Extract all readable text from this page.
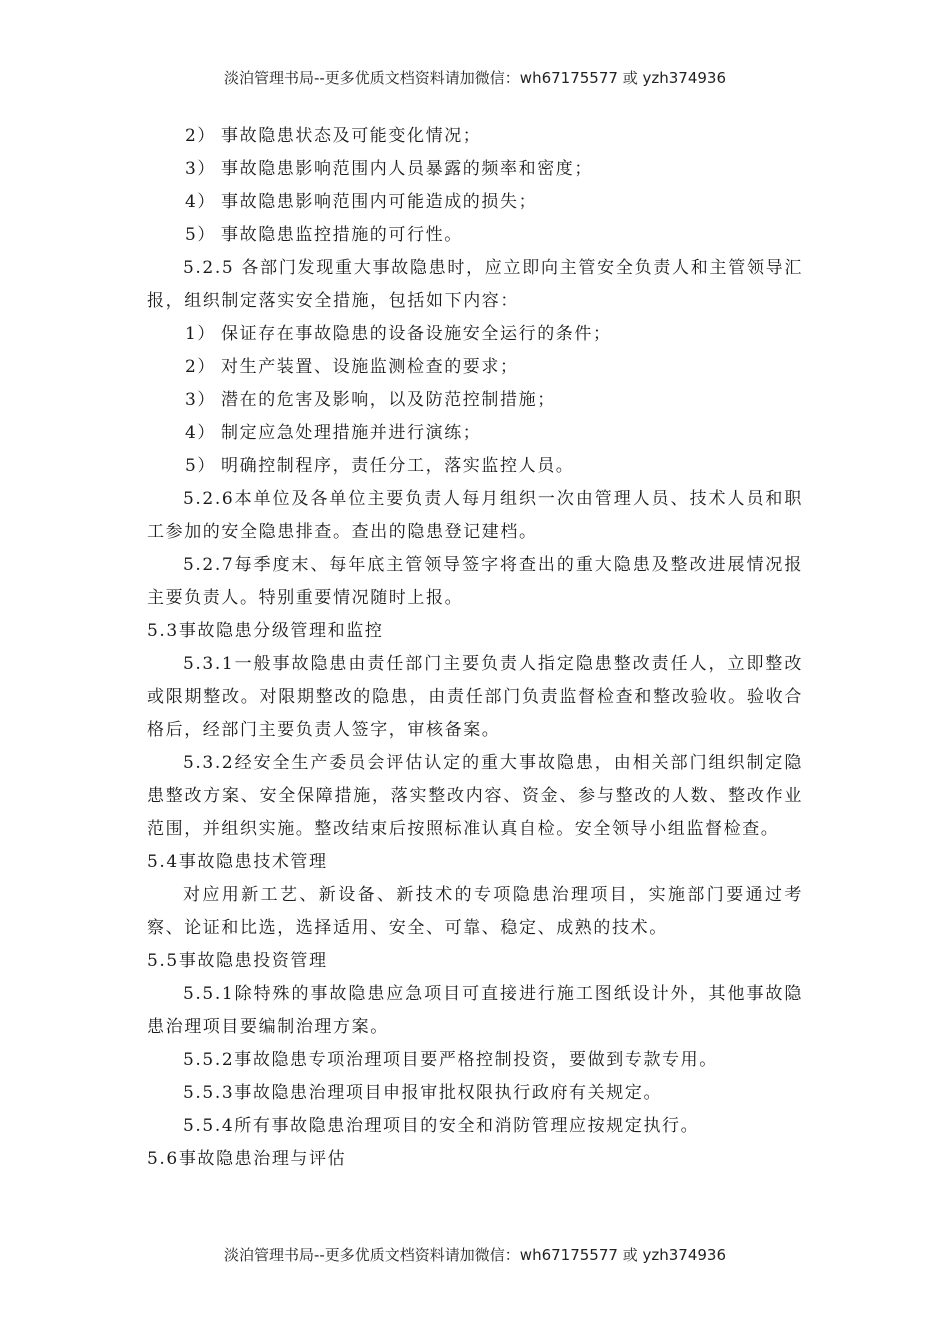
淡泊管理书局--更多优质文档资料请加微信：wh67175577 或 yzh374936
2） 事故隐患状态及可能变化情况；
3） 事故隐患影响范围内人员暴露的频率和密度；
4） 事故隐患影响范围内可能造成的损失；
5） 事故隐患监控措施的可行性。
5.2.5 各部门发现重大事故隐患时，应立即向主管安全负责人和主管领导汇报，组织制定落实安全措施，包括如下内容：
1） 保证存在事故隐患的设备设施安全运行的条件；
2） 对生产装置、设施监测检查的要求；
3） 潜在的危害及影响，以及防范控制措施；
4） 制定应急处理措施并进行演练；
5） 明确控制程序，责任分工，落实监控人员。
5.2.6本单位及各单位主要负责人每月组织一次由管理人员、技术人员和职工参加的安全隐患排查。查出的隐患登记建档。
5.2.7每季度末、每年底主管领导签字将查出的重大隐患及整改进展情况报主要负责人。特别重要情况随时上报。
5.3事故隐患分级管理和监控
5.3.1一般事故隐患由责任部门主要负责人指定隐患整改责任人，立即整改或限期整改。对限期整改的隐患，由责任部门负责监督检查和整改验收。验收合格后，经部门主要负责人签字，审核备案。
5.3.2经安全生产委员会评估认定的重大事故隐患，由相关部门组织制定隐患整改方案、安全保障措施，落实整改内容、资金、参与整改的人数、整改作业范围，并组织实施。整改结束后按照标准认真自检。安全领导小组监督检查。
5.4事故隐患技术管理
对应用新工艺、新设备、新技术的专项隐患治理项目，实施部门要通过考察、论证和比选，选择适用、安全、可靠、稳定、成熟的技术。
5.5事故隐患投资管理
5.5.1除特殊的事故隐患应急项目可直接进行施工图纸设计外，其他事故隐患治理项目要编制治理方案。
5.5.2事故隐患专项治理项目要严格控制投资，要做到专款专用。
5.5.3事故隐患治理项目申报审批权限执行政府有关规定。
5.5.4所有事故隐患治理项目的安全和消防管理应按规定执行。
5.6事故隐患治理与评估
淡泊管理书局--更多优质文档资料请加微信：wh67175577 或 yzh374936
